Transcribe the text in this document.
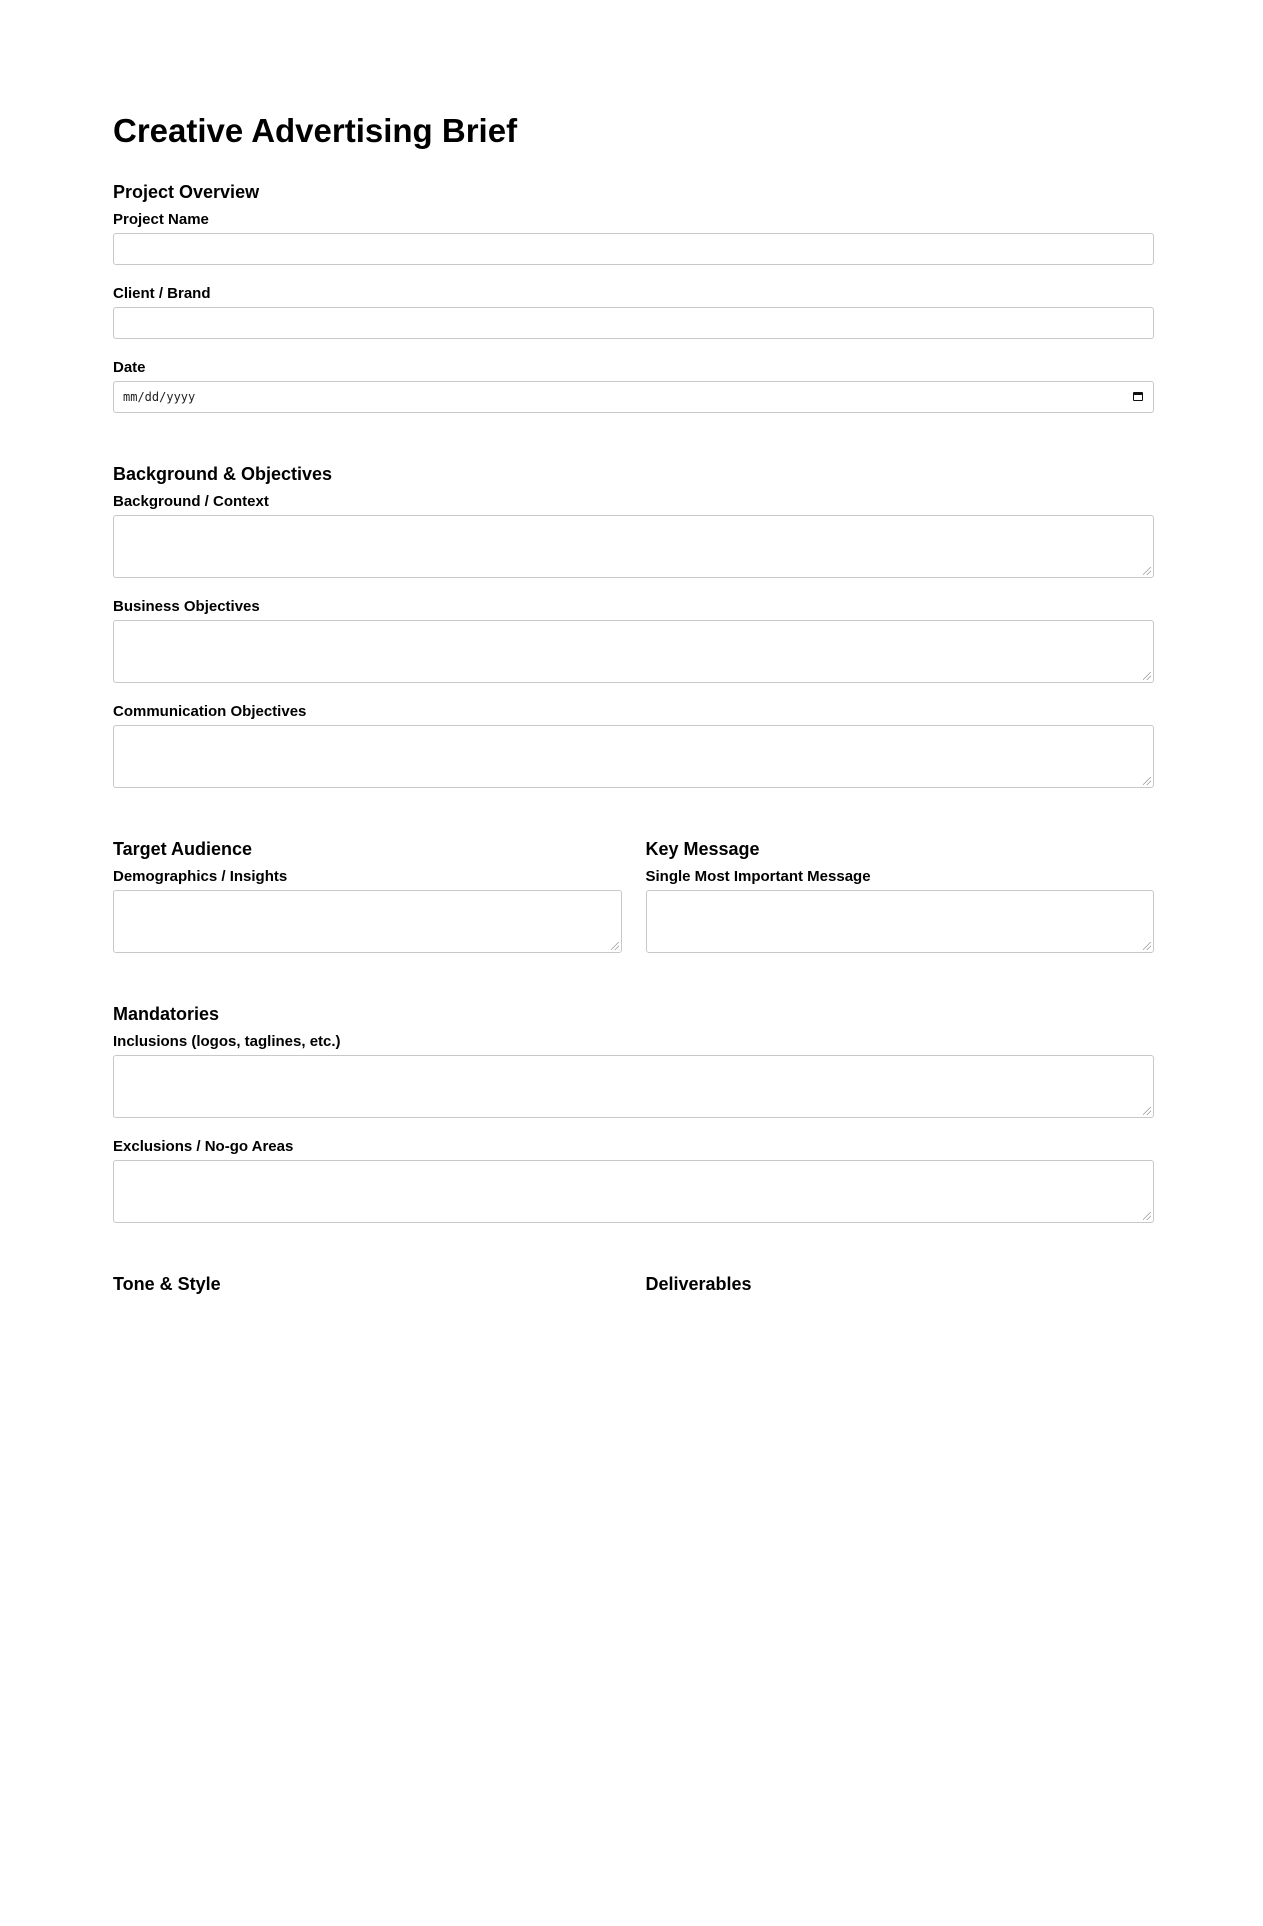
Creative Advertising Brief
Project Overview
Project Name
Client / Brand
Date
mm/dd/yyyy
Background & Objectives
Background / Context
Business Objectives
Communication Objectives
Target Audience
Demographics / Insights
Key Message
Single Most Important Message
Mandatories
Inclusions (logos, taglines, etc.)
Exclusions / No-go Areas
Tone & Style	Deliverables
